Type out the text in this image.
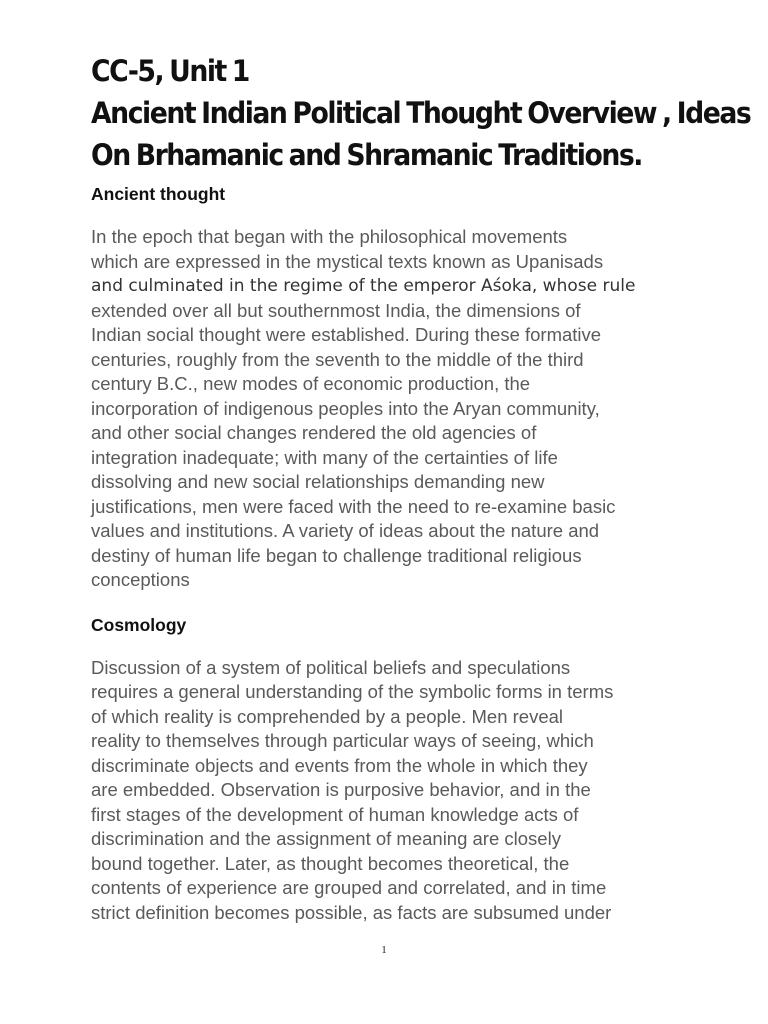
CC-5, Unit 1
Ancient Indian Political Thought Overview , Ideas
On Brhamanic and Shramanic Traditions.
Ancient thought

In the epoch that began with the philosophical movements
which are expressed in the mystical texts known as Upanisads
and culminated in the regime of the emperor Aśoka, whose rule
extended over all but southernmost India, the dimensions of
Indian social thought were established. During these formative
centuries, roughly from the seventh to the middle of the third
century B.C., new modes of economic production, the
incorporation of indigenous peoples into the Aryan community,
and other social changes rendered the old agencies of
integration inadequate; with many of the certainties of life
dissolving and new social relationships demanding new
justifications, men were faced with the need to re-examine basic
values and institutions. A variety of ideas about the nature and
destiny of human life began to challenge traditional religious
conceptions

Cosmology

Discussion of a system of political beliefs and speculations
requires a general understanding of the symbolic forms in terms
of which reality is comprehended by a people. Men reveal
reality to themselves through particular ways of seeing, which
discriminate objects and events from the whole in which they
are embedded. Observation is purposive behavior, and in the
first stages of the development of human knowledge acts of
discrimination and the assignment of meaning are closely
bound together. Later, as thought becomes theoretical, the
contents of experience are grouped and correlated, and in time
strict definition becomes possible, as facts are subsumed under

1
